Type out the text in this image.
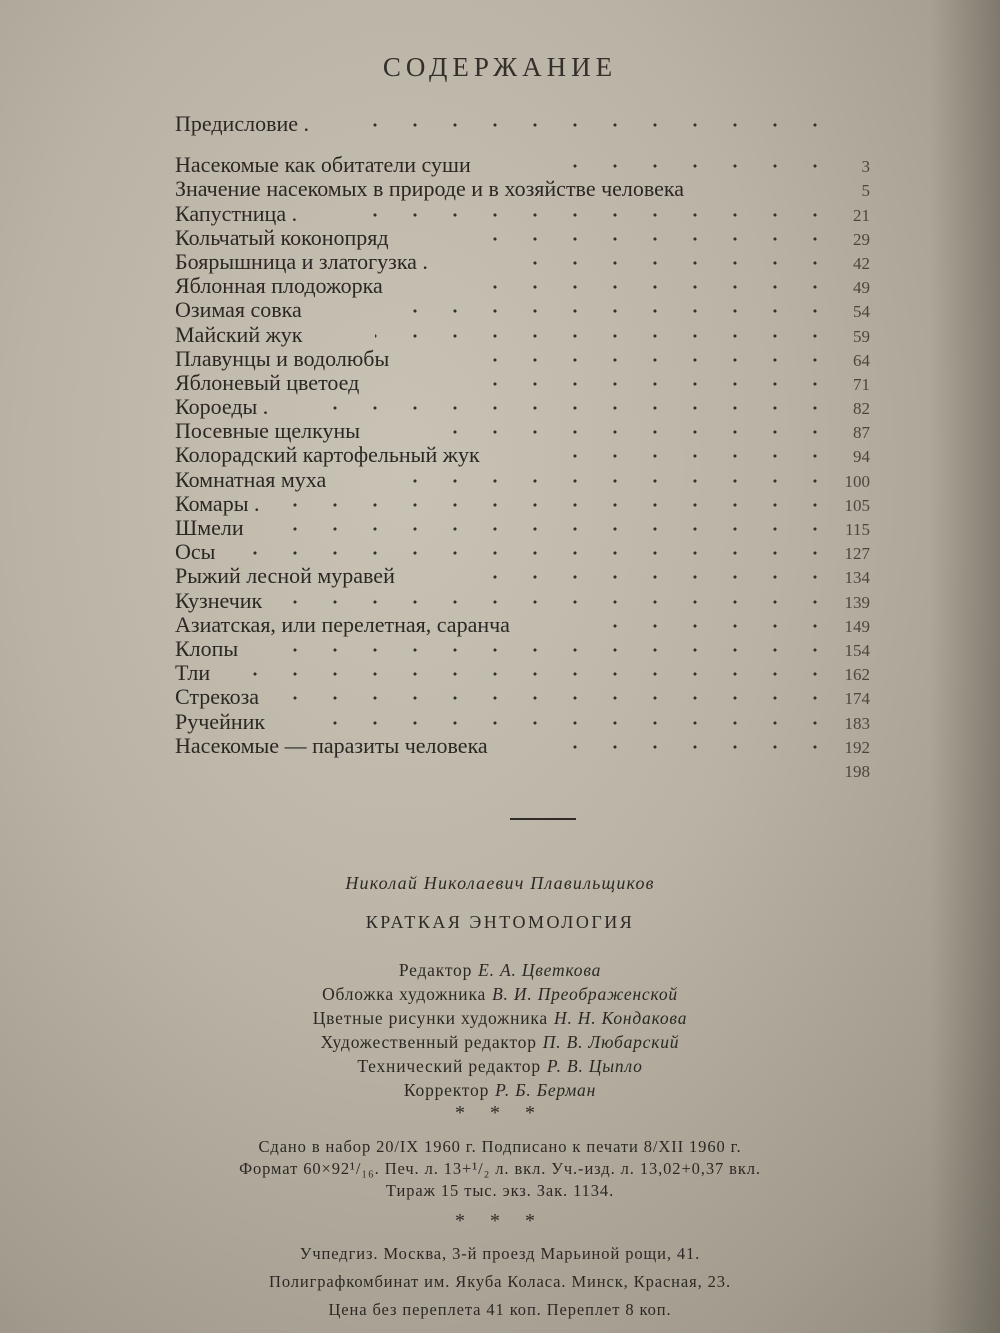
СОДЕРЖАНИЕ
Предисловие .
Насекомые как обитатели суши	3
Значение насекомых в природе и в хозяйстве человека	5
Капустница .	21
Кольчатый коконопряд	29
Боярышница и златогузка .	42
Яблонная плодожорка	49
Озимая совка	54
Майский жук	59
Плавунцы и водолюбы	64
Яблоневый цветоед	71
Короеды .	82
Посевные щелкуны	87
Колорадский картофельный жук	94
Комнатная муха	100
Комары .	105
Шмели	115
Осы	127
Рыжий лесной муравей	134
Кузнечик	139
Азиатская, или перелетная, саранча	149
Клопы	154
Тли	162
Стрекоза	174
Ручейник	183
Насекомые — паразиты человека	192
198
Николай Николаевич Плавильщиков
КРАТКАЯ ЭНТОМОЛОГИЯ
Редактор Е. А. Цветкова
Обложка художника В. И. Преображенской
Цветные рисунки художника Н. Н. Кондакова
Художественный редактор П. В. Любарский
Технический редактор Р. В. Цыпло
Корректор Р. Б. Берман
* * *
Сдано в набор 20/IX 1960 г. Подписано к печати 8/XII 1960 г.
Формат 60×92¹/₁₆. Печ. л. 13+¹/₂ л. вкл. Уч.-изд. л. 13,02+0,37 вкл.
Тираж 15 тыс. экз. Зак. 1134.
* * *
Учпедгиз. Москва, 3-й проезд Марьиной рощи, 41.
Полиграфкомбинат им. Якуба Коласа. Минск, Красная, 23.
Цена без переплета 41 коп. Переплет 8 коп.
